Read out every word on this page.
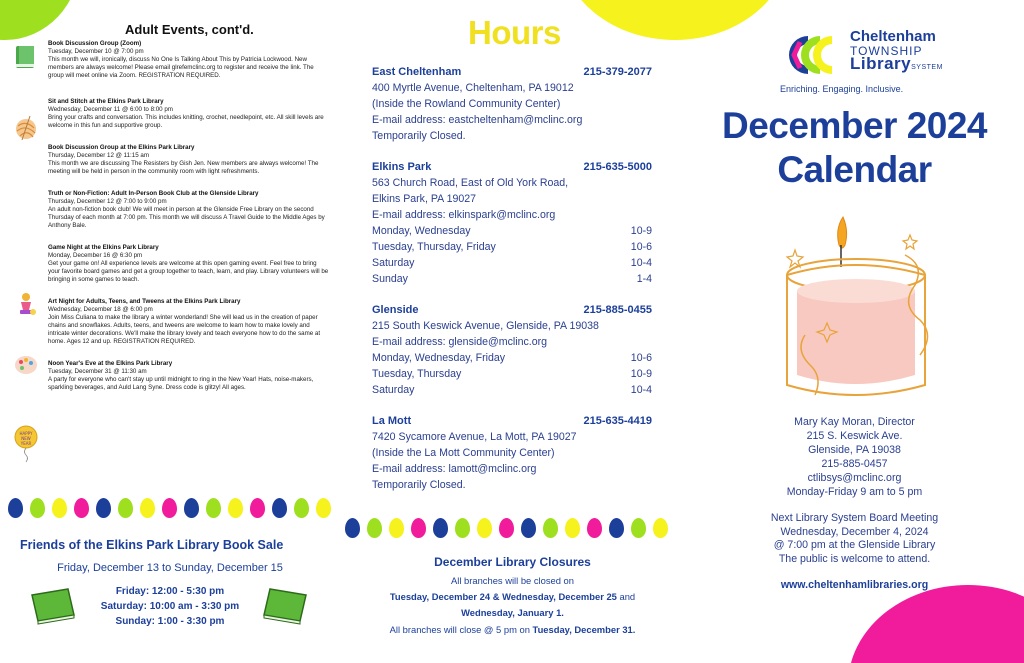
Adult Events, cont'd.
HAPPY
NEW
YEAR
Book Discussion Group (Zoom)
Tuesday, December 10 @ 7:00 pm
This month we will, ironically, discuss No One Is Talking About This by Patricia Lockwood. New members are always welcome! Please email glrefemclinc.org to register and receive the link. The group will meet online via Zoom. REGISTRATION REQUIRED.
Sit and Stitch at the Elkins Park Library
Wednesday, December 11 @ 6:00 to 8:00 pm
Bring your crafts and conversation. This includes knitting, crochet, needlepoint, etc. All skill levels are welcome in this fun and supportive group.
Book Discussion Group at the Elkins Park Library
Thursday, December 12 @ 11:15 am
This month we are discussing The Resisters by Gish Jen. New members are always welcome! The meeting will be held in person in the community room with light refreshments.
Truth or Non-Fiction: Adult In-Person Book Club at the Glenside Library
Thursday, December 12 @ 7:00 to 9:00 pm
An adult non-fiction book club! We will meet in person at the Glenside Free Library on the second Thursday of each month at 7:00 pm. This month we will discuss A Travel Guide to the Middle Ages by Anthony Bale.
Game Night at the Elkins Park Library
Monday, December 16 @ 6:30 pm
Get your game on! All experience levels are welcome at this open gaming event. Feel free to bring your favorite board games and get a group together to teach, learn, and play. Library volunteers will be bringing in some games to teach.
Art Night for Adults, Teens, and Tweens at the Elkins Park Library
Wednesday, December 18 @ 6:00 pm
Join Miss Culiana to make the library a winter wonderland! She will lead us in the creation of paper chains and snowflakes. Adults, teens, and tweens are welcome to learn how to make lovely and intricate winter decorations. We'll make the library lovely and teach everyone how to do the same at home. Ages 12 and up. REGISTRATION REQUIRED.
Noon Year's Eve at the Elkins Park Library
Tuesday, December 31 @ 11:30 am
A party for everyone who can't stay up until midnight to ring in the New Year! Hats, noise-makers, sparkling beverages, and Auld Lang Syne. Dress code is glitzy! All ages.
Friends of the Elkins Park Library Book Sale
Friday, December 13 to Sunday, December 15
Friday: 12:00 - 5:30 pm
Saturday: 10:00 am - 3:30 pm
Sunday: 1:00 - 3:30 pm
Hours
East Cheltenham	215-379-2077
400 Myrtle Avenue, Cheltenham, PA 19012
(Inside the Rowland Community Center)
E-mail address: eastcheltenham@mclinc.org
Temporarily Closed.
Elkins Park	215-635-5000
563 Church Road, East of Old York Road,
Elkins Park, PA 19027
E-mail address: elkinspark@mclinc.org
Monday, Wednesday	10-9
Tuesday, Thursday, Friday	10-6
Saturday	10-4
Sunday	1-4
Glenside	215-885-0455
215 South Keswick Avenue, Glenside, PA 19038
E-mail address: glenside@mclinc.org
Monday, Wednesday, Friday	10-6
Tuesday, Thursday	10-9
Saturday	10-4
La Mott	215-635-4419
7420 Sycamore Avenue, La Mott, PA 19027
(Inside the La Mott Community Center)
E-mail address: lamott@mclinc.org
Temporarily Closed.
December Library Closures
All branches will be closed on
Tuesday, December 24 & Wednesday, December 25 and
Wednesday, January 1.
All branches will close @ 5 pm on Tuesday, December 31.
Cheltenham
TOWNSHIP
LibrarySYSTEM
Enriching. Engaging. Inclusive.
December 2024
Calendar
Mary Kay Moran, Director
215 S. Keswick Ave.
Glenside, PA 19038
215-885-0457
ctlibsys@mclinc.org
Monday-Friday 9 am to 5 pm
Next Library System Board Meeting
Wednesday, December 4, 2024
@ 7:00 pm at the Glenside Library
The public is welcome to attend.
www.cheltenhamlibraries.org
